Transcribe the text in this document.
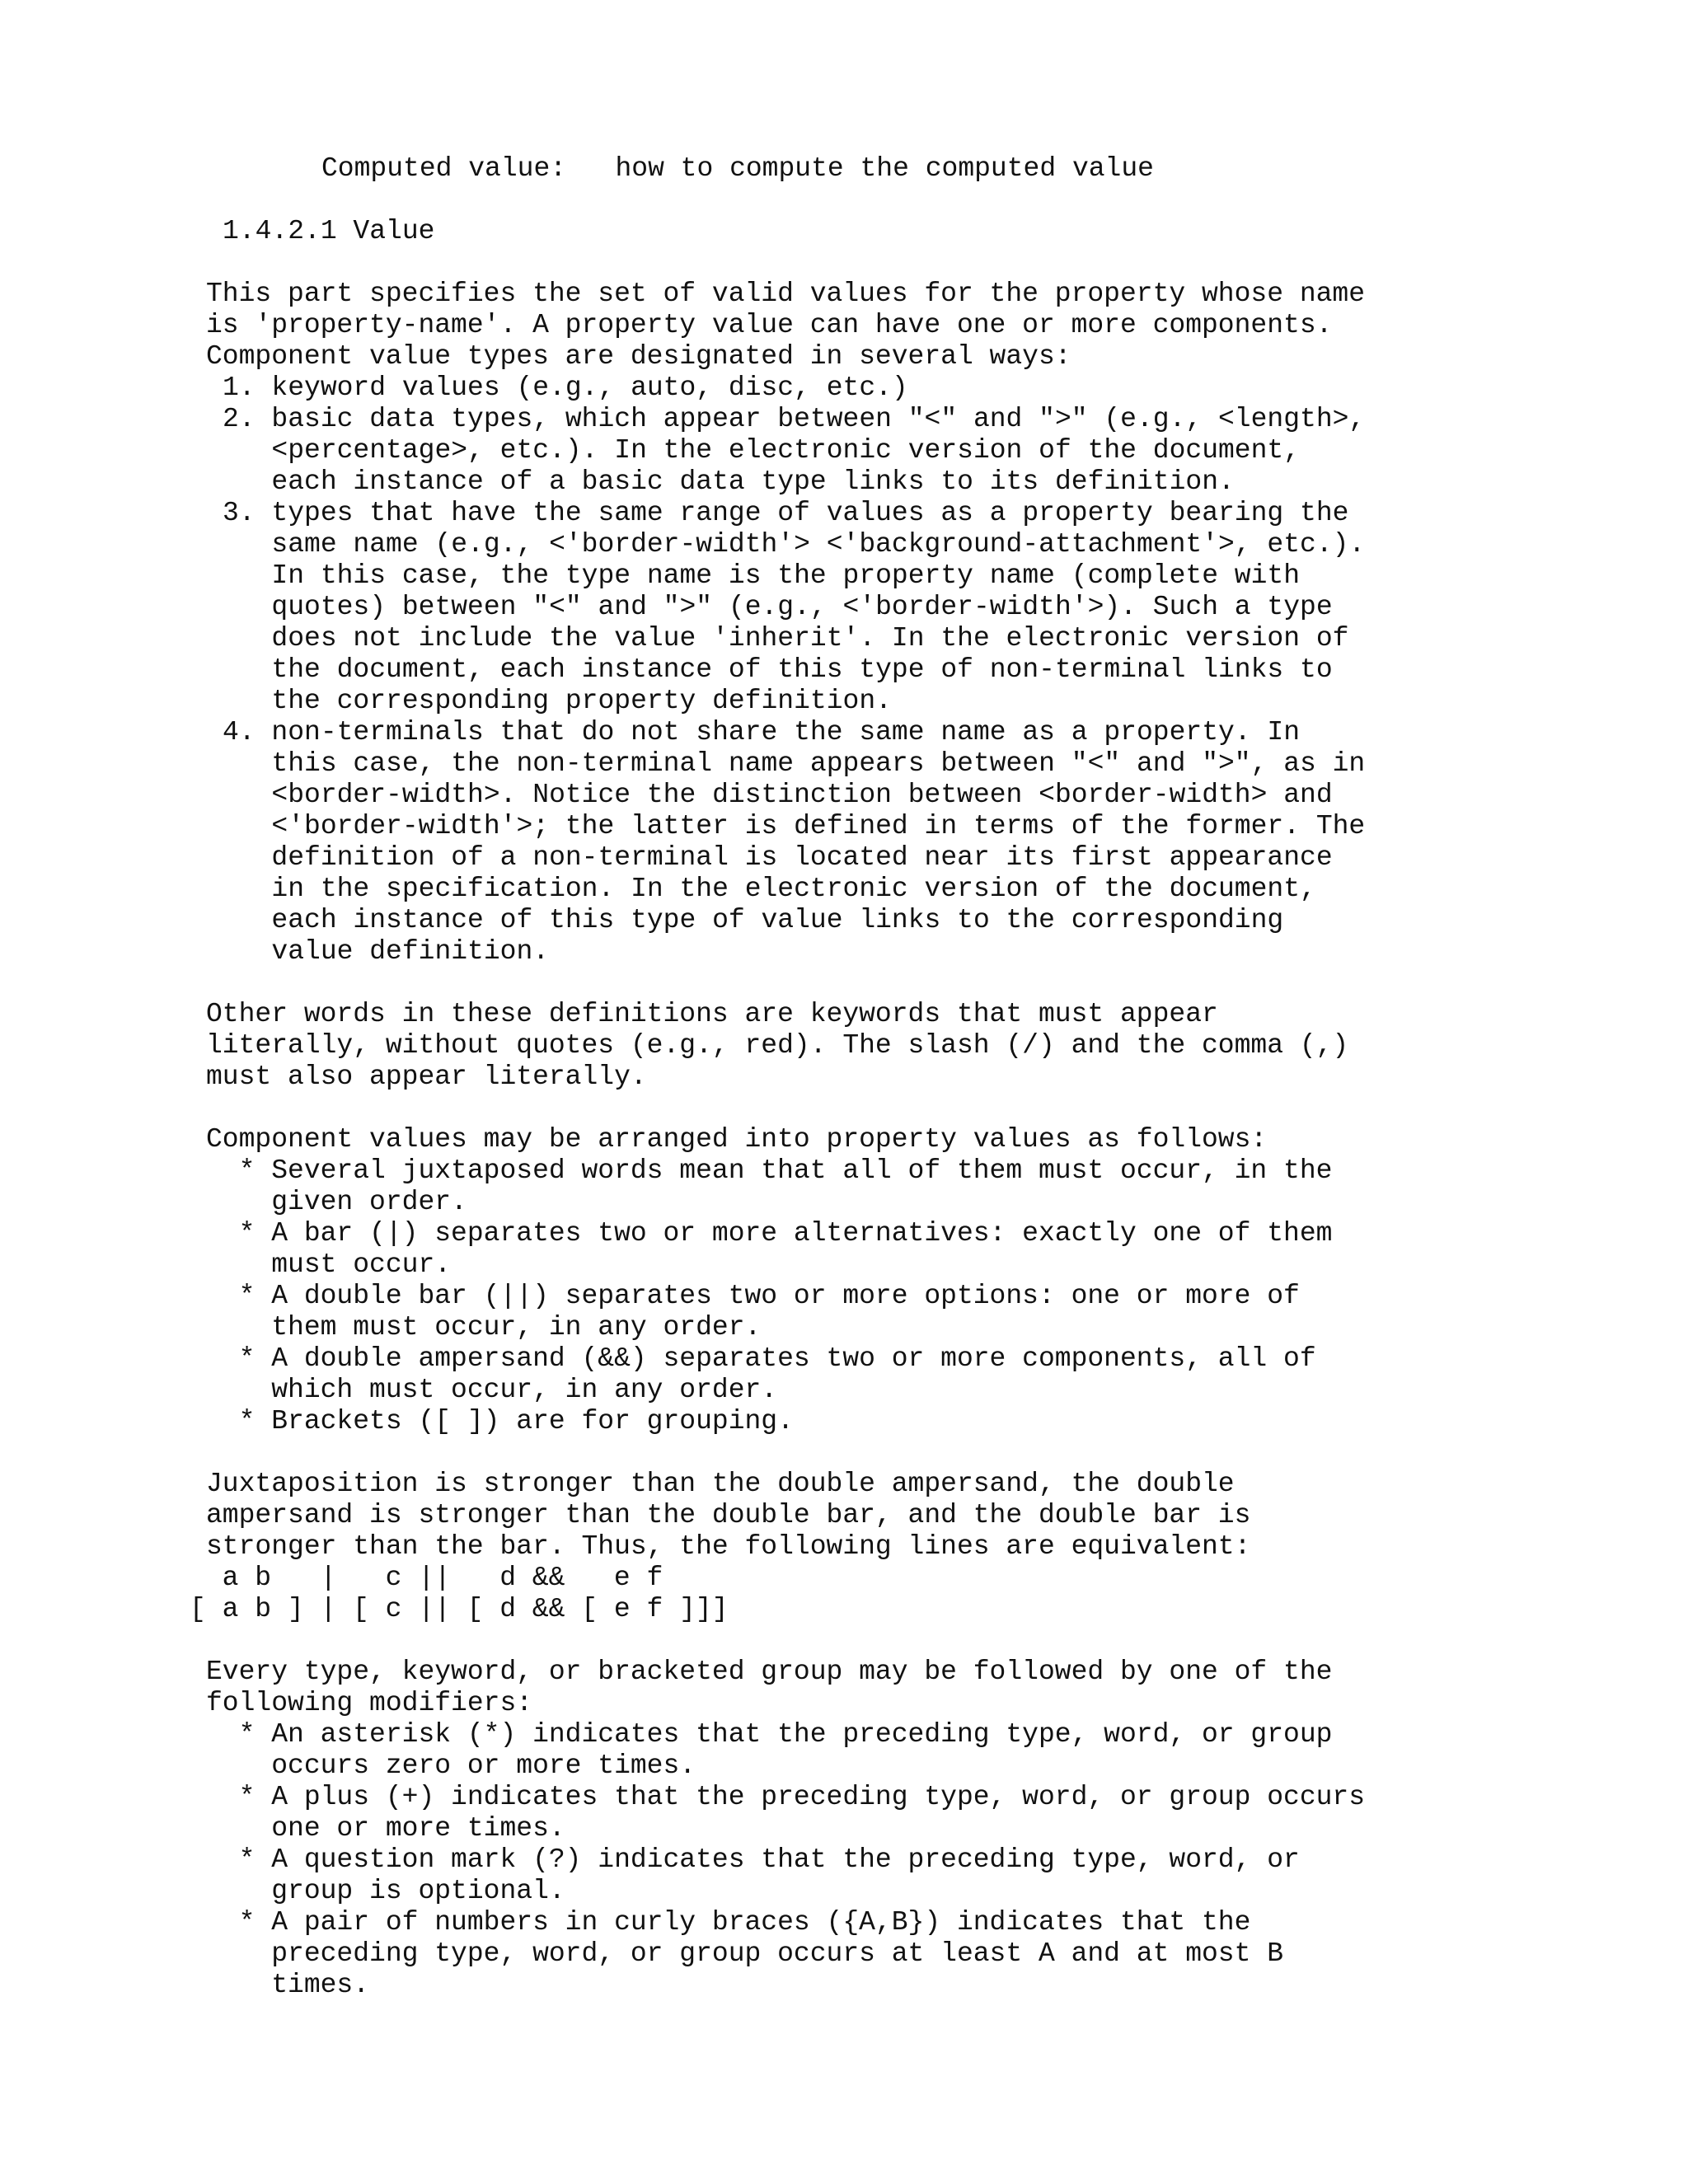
Computed value:   how to compute the computed value
1.4.2.1 Value
This part specifies the set of valid values for the property whose name
is 'property-name'. A property value can have one or more components.
Component value types are designated in several ways:
1. keyword values (e.g., auto, disc, etc.)
2. basic data types, which appear between "<" and ">" (e.g., <length>,
<percentage>, etc.). In the electronic version of the document,
each instance of a basic data type links to its definition.
3. types that have the same range of values as a property bearing the
same name (e.g., <'border-width'> <'background-attachment'>, etc.).
In this case, the type name is the property name (complete with
quotes) between "<" and ">" (e.g., <'border-width'>). Such a type
does not include the value 'inherit'. In the electronic version of
the document, each instance of this type of non-terminal links to
the corresponding property definition.
4. non-terminals that do not share the same name as a property. In
this case, the non-terminal name appears between "<" and ">", as in
<border-width>. Notice the distinction between <border-width> and
<'border-width'>; the latter is defined in terms of the former. The
definition of a non-terminal is located near its first appearance
in the specification. In the electronic version of the document,
each instance of this type of value links to the corresponding
value definition.
Other words in these definitions are keywords that must appear
literally, without quotes (e.g., red). The slash (/) and the comma (,)
must also appear literally.
Component values may be arranged into property values as follows:
* Several juxtaposed words mean that all of them must occur, in the
given order.
* A bar (|) separates two or more alternatives: exactly one of them
must occur.
* A double bar (||) separates two or more options: one or more of
them must occur, in any order.
* A double ampersand (&&) separates two or more components, all of
which must occur, in any order.
* Brackets ([ ]) are for grouping.
Juxtaposition is stronger than the double ampersand, the double
ampersand is stronger than the double bar, and the double bar is
stronger than the bar. Thus, the following lines are equivalent:
a b   |   c ||   d &&   e f
[ a b ] | [ c || [ d && [ e f ]]]
Every type, keyword, or bracketed group may be followed by one of the
following modifiers:
* An asterisk (*) indicates that the preceding type, word, or group
occurs zero or more times.
* A plus (+) indicates that the preceding type, word, or group occurs
one or more times.
* A question mark (?) indicates that the preceding type, word, or
group is optional.
* A pair of numbers in curly braces ({A,B}) indicates that the
preceding type, word, or group occurs at least A and at most B
times.
